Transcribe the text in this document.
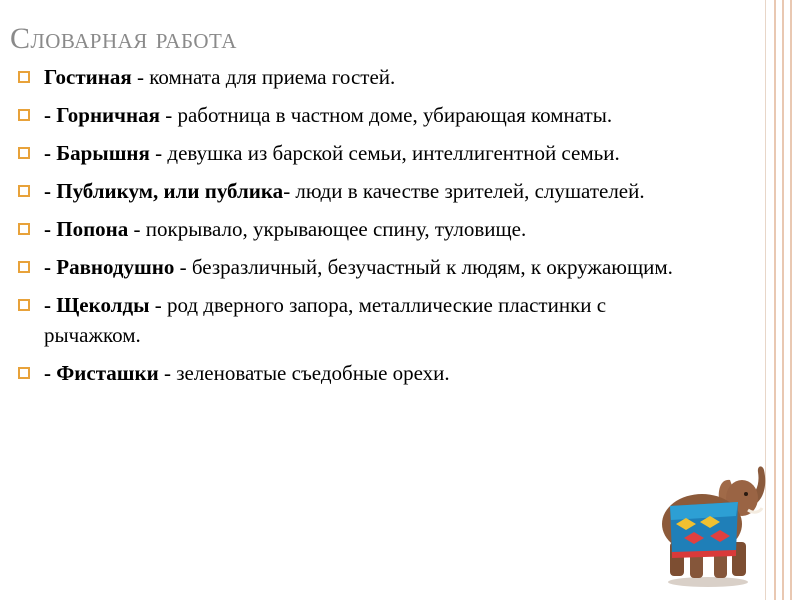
Словарная работа
Гостиная - комната для приема гостей.
- Горничная - работница в частном доме, убирающая комнаты.
- Барышня - девушка из барской семьи, интеллигентной семьи.
- Публикум, или публика- люди в качестве зрителей, слушателей.
- Попона - покрывало, укрывающее спину, туловище.
- Равнодушно - безразличный, безучастный к людям, к окружающим.
- Щеколды - род дверного запора, металлические пластинки с рычажком.
- Фисташки - зеленоватые съедобные орехи.
